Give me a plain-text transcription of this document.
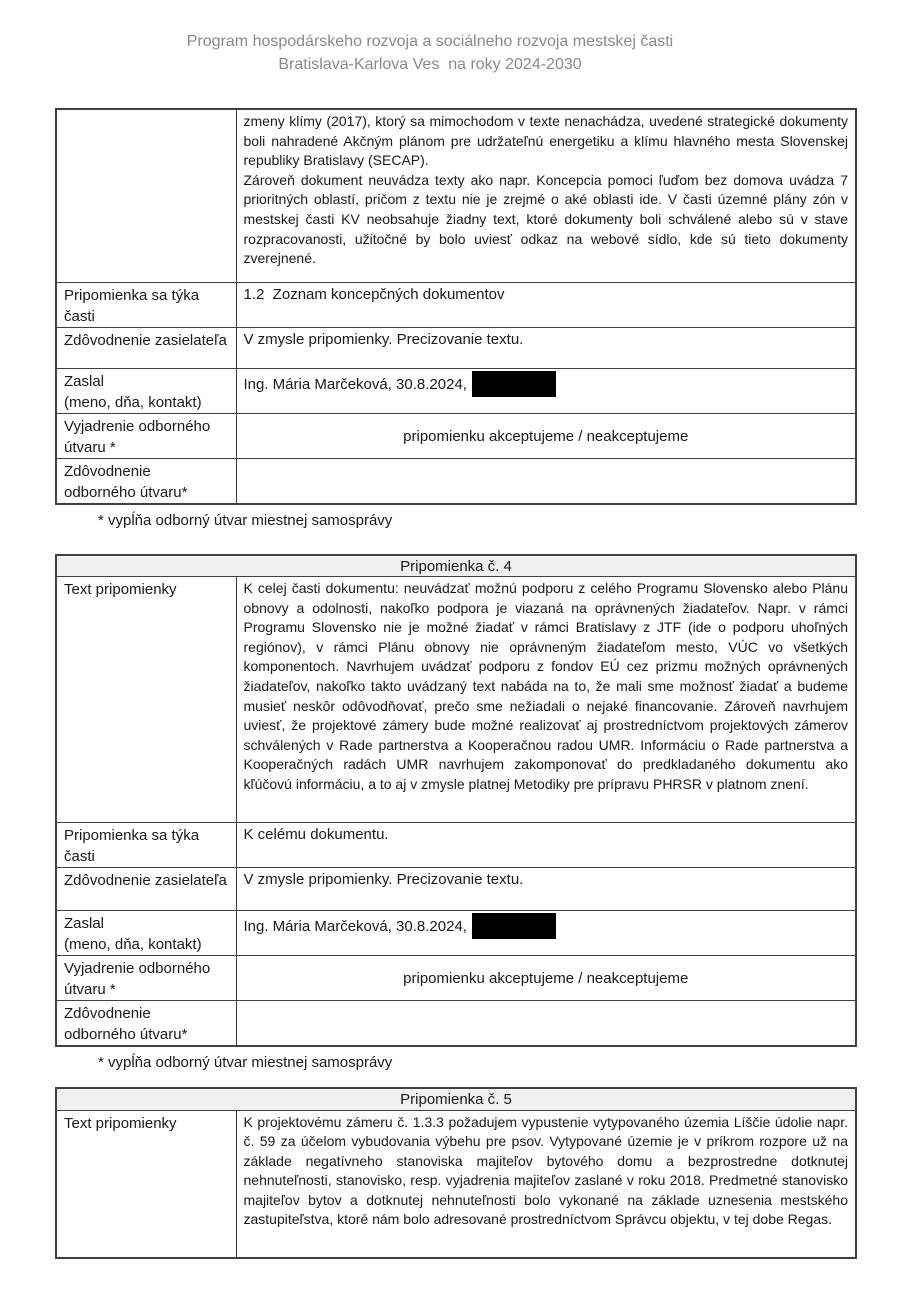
Program hospodárskeho rozvoja a sociálneho rozvoja mestskej časti
Bratislava-Karlova Ves  na roky 2024-2030

	zmeny klímy (2017), ktorý sa mimochodom v texte nenachádza, uvedené strategické dokumenty boli nahradené Akčným plánom pre udržateľnú energetiku a klímu hlavného mesta Slovenskej republiky Bratislavy (SECAP).
Zároveň dokument neuvádza texty ako napr. Koncepcia pomoci ľuďom bez domova uvádza 7 prioritných oblastí, pričom z textu nie je zrejmé o aké oblasti ide. V časti územné plány zón v mestskej časti KV neobsahuje žiadny text, ktoré dokumenty boli schválené alebo sú v stave rozpracovanosti, užitočné by bolo uviesť odkaz na webové sídlo, kde sú tieto dokumenty zverejnené.

Pripomienka sa týka
časti	1.2  Zoznam koncepčných dokumentov
Zdôvodnenie zasielateľa	V zmysle pripomienky. Precizovanie textu.

Zaslal
(meno, dňa, kontakt)	Ing. Mária Marčeková, 30.8.2024,

Vyjadrenie odborného
útvaru *	pripomienku akceptujeme / neakceptujeme

Zdôvodnenie
odborného útvaru*	

* vypĺňa odborný útvar miestnej samosprávy
Pripomienka č. 4	
Text pripomienky	K celej časti dokumentu: neuvádzať možnú podporu z celého Programu Slovensko alebo Plánu obnovy a odolnosti, nakoľko podpora je viazaná na oprávnených žiadateľov. Napr. v rámci Programu Slovensko nie je možné žiadať v rámci Bratislavy z JTF (ide o podporu uhoľných regiónov), v rámci Plánu obnovy nie oprávneným žiadateľom mesto, VÚC vo všetkých komponentoch. Navrhujem uvádzať podporu z fondov EÚ cez prizmu možných oprávnených žiadateľov, nakoľko takto uvádzaný text nabáda na to, že mali sme možnosť žiadať a budeme musieť neskôr odôvodňovať, prečo sme nežiadali o nejaké financovanie. Zároveň navrhujem uviesť, že projektové zámery bude možné realizovať aj prostredníctvom projektových zámerov schválených v Rade partnerstva a Kooperačnou radou UMR. Informáciu o Rade partnerstva a Kooperačných radách UMR navrhujem zakomponovať do predkladaného dokumentu ako kľúčovú informáciu, a to aj v zmysle platnej Metodiky pre prípravu PHRSR v platnom znení.

Pripomienka sa týka
časti	K celému dokumentu.
Zdôvodnenie zasielateľa	V zmysle pripomienky. Precizovanie textu.

Zaslal
(meno, dňa, kontakt)	Ing. Mária Marčeková, 30.8.2024,

Vyjadrenie odborného
útvaru *	pripomienku akceptujeme / neakceptujeme

Zdôvodnenie
odborného útvaru*	

* vypĺňa odborný útvar miestnej samosprávy
Pripomienka č. 5
Text pripomienky	K projektovému zámeru č. 1.3.3 požadujem vypustenie vytypovaného územia Líščie údolie napr. č. 59 za účelom vybudovania výbehu pre psov. Vytypované územie je v príkrom rozpore už na základe negatívneho stanoviska majiteľov bytového domu a bezprostredne dotknutej nehnuteľnosti, stanovisko, resp. vyjadrenia majiteľov zaslané v roku 2018. Predmetné stanovisko majiteľov bytov a dotknutej nehnuteľnosti bolo vykonané na základe uznesenia mestského zastupiteľstva, ktoré nám bolo adresované prostredníctvom Správcu objektu, v tej dobe Regas.
